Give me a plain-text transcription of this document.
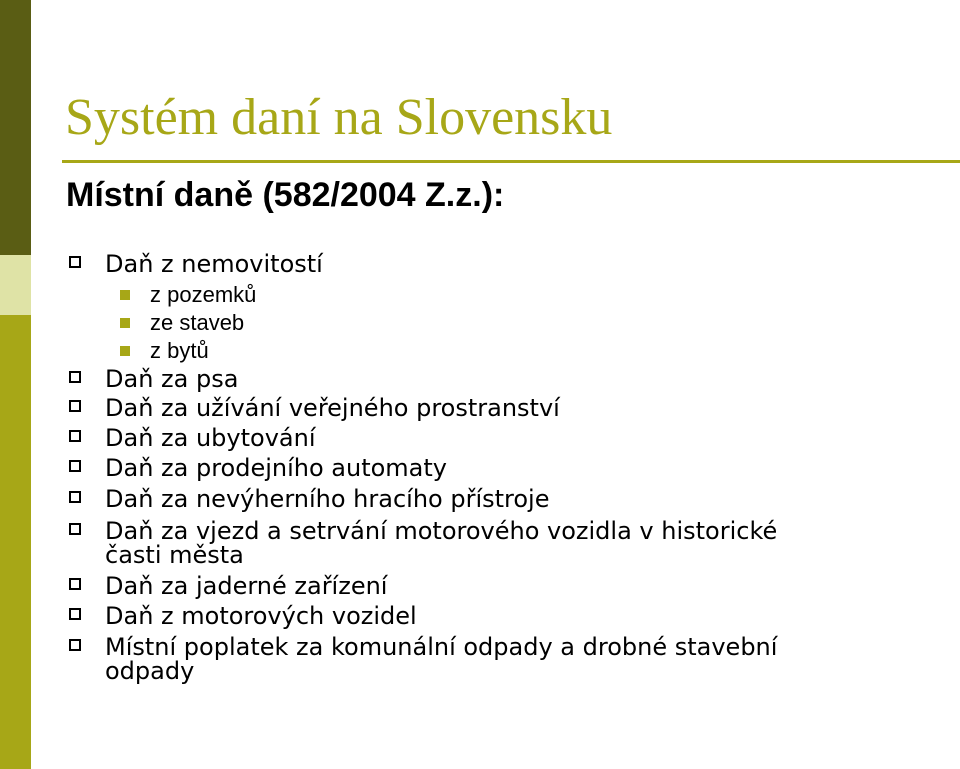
Systém daní na Slovensku
Místní daně (582/2004 Z.z.):
Daň z nemovitostí
z pozemků
ze staveb
z bytů
Daň za psa
Daň za užívání veřejného prostranství
Daň za ubytování
Daň za prodejního automaty
Daň za nevýherního hracího přístroje
Daň za vjezd a setrvání motorového vozidla v historické
časti města
Daň za jaderné zařízení
Daň z motorových vozidel
Místní poplatek za komunální odpady a drobné stavební
odpady
